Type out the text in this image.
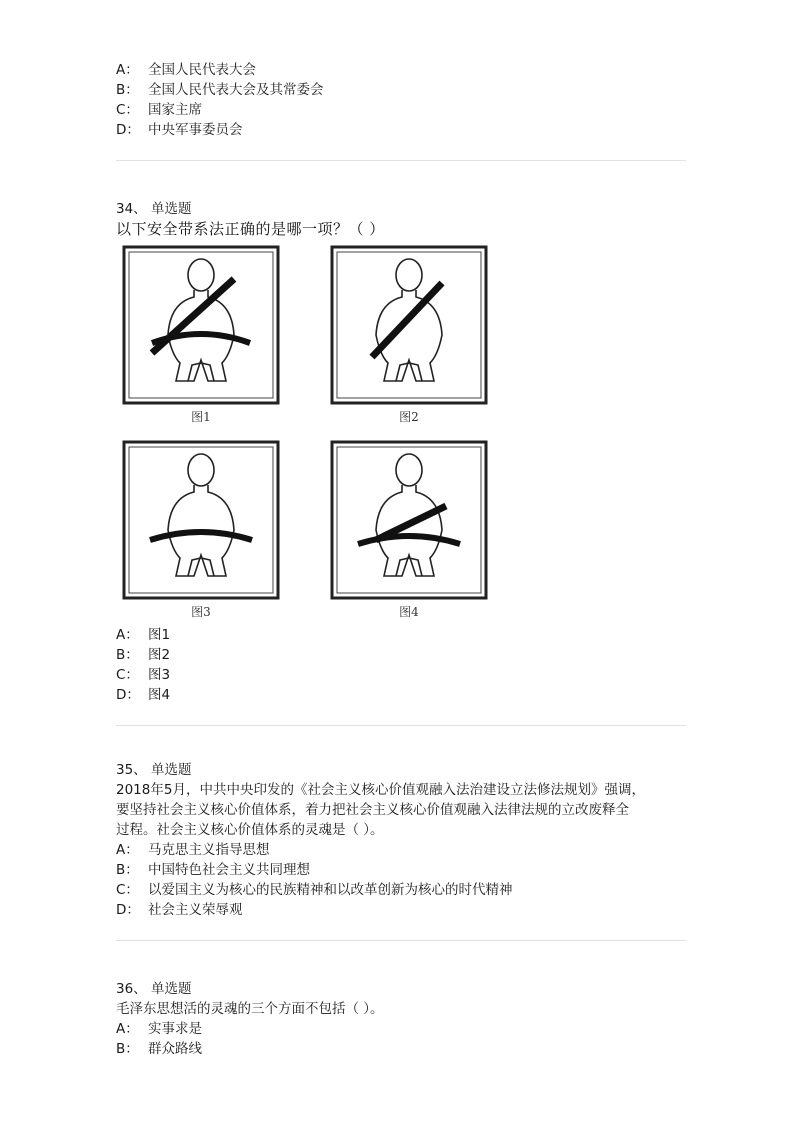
A： 全国人民代表大会
B： 全国人民代表大会及其常委会
C： 国家主席
D： 中央军事委员会
34、 单选题
以下安全带系法正确的是哪一项？（ ）
图1	图2
图3	图4
A： 图1
B： 图2
C： 图3
D： 图4
35、 单选题
2018年5月，中共中央印发的《社会主义核心价值观融入法治建设立法修法规划》强调，
要坚持社会主义核心价值体系，着力把社会主义核心价值观融入法律法规的立改废释全
过程。社会主义核心价值体系的灵魂是（ ）。
A： 马克思主义指导思想
B： 中国特色社会主义共同理想
C： 以爱国主义为核心的民族精神和以改革创新为核心的时代精神
D： 社会主义荣辱观
36、 单选题
毛泽东思想活的灵魂的三个方面不包括（ ）。
A： 实事求是
B： 群众路线
